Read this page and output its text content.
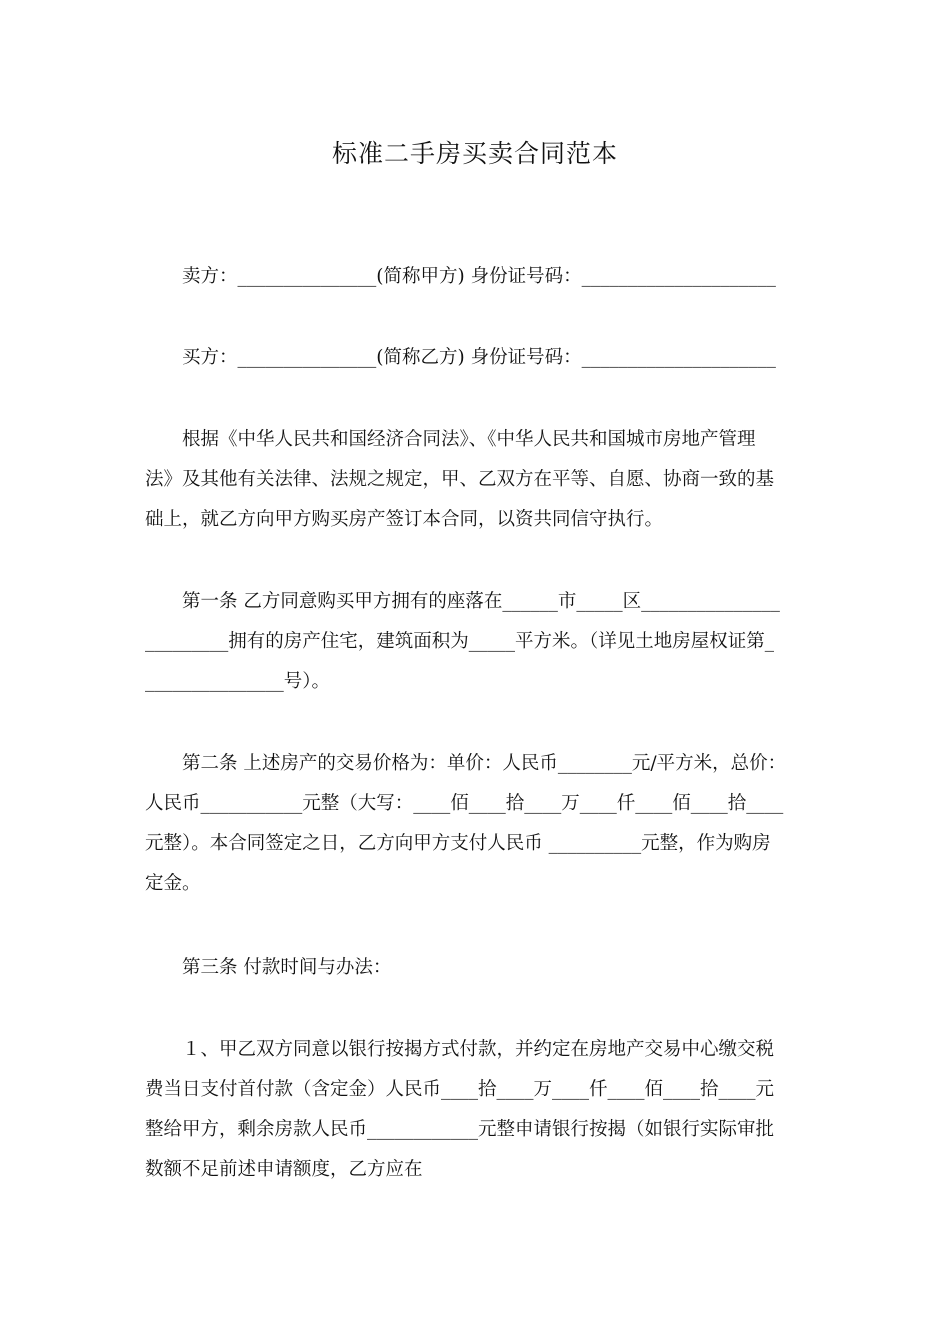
标准二手房买卖合同范本
卖方：_______________(简称甲方) 身份证号码：_____________________
买方：_______________(简称乙方) 身份证号码：_____________________
根据《中华人民共和国经济合同法》、《中华人民共和国城市房地产管理
法》及其他有关法律、法规之规定，甲、乙双方在平等、自愿、协商一致的基
础上，就乙方向甲方购买房产签订本合同，以资共同信守执行。
第一条 乙方同意购买甲方拥有的座落在______市_____区_______________
_________拥有的房产住宅，建筑面积为_____平方米。（详见土地房屋权证第_
_______________号）。
第二条 上述房产的交易价格为：单价：人民币________元/平方米，总价：
人民币___________元整（大写：____佰____拾____万____仟____佰____拾____
元整）。本合同签定之日，乙方向甲方支付人民币 __________元整，作为购房
定金。
第三条 付款时间与办法：
１、甲乙双方同意以银行按揭方式付款，并约定在房地产交易中心缴交税
费当日支付首付款（含定金）人民币____拾____万____仟____佰____拾____元
整给甲方，剩余房款人民币____________元整申请银行按揭（如银行实际审批
数额不足前述申请额度，乙方应在
